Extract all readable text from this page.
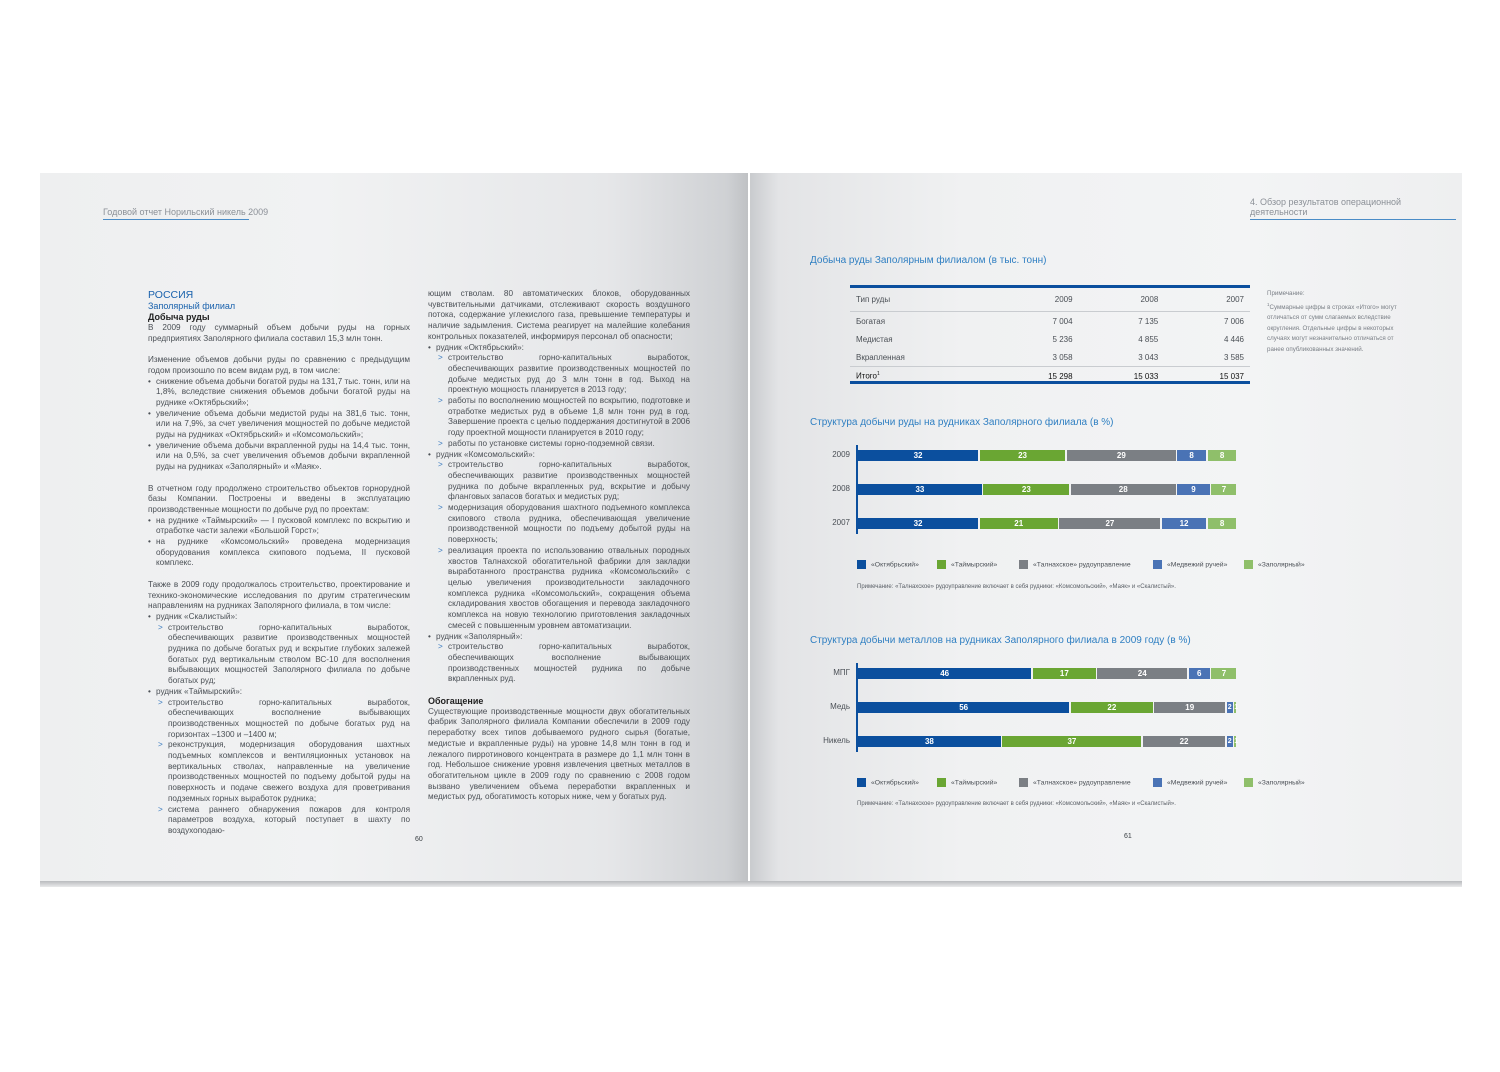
Годовой отчет Норильский никель 2009
РОССИЯ
Заполярный филиал
Добыча руды

В 2009 году суммарный объем добычи руды на горных предприятиях Заполярного филиала составил 15,3 млн тонн.

Изменение объемов добычи руды по сравнению с предыдущим годом произошло по всем видам руд, в том числе:
• снижение объема добычи богатой руды на 131,7 тыс. тонн, или на 1,8%, вследствие снижения объемов добычи богатой руды на руднике «Октябрьский»;
• увеличение объема добычи медистой руды на 381,6 тыс. тонн, или на 7,9%, за счет увеличения мощностей по добыче медистой руды на рудниках «Октябрьский» и «Комсомольский»;
• увеличение объема добычи вкрапленной руды на 14,4 тыс. тонн, или на 0,5%, за счет увеличения объемов добычи вкрапленной руды на рудниках «Заполярный» и «Маяк».
В отчетном году продолжено строительство объектов горнорудной базы Компании. Построены и введены в эксплуатацию производственные мощности по добыче руд по проектам:
• на руднике «Таймырский» — I пусковой комплекс по вскрытию и отработке части залежи «Большой Горст»;
• на руднике «Комсомольский» проведена модернизация оборудования комплекса скипового подъема, II пусковой комплекс.
Также в 2009 году продолжалось строительство, проектирование и технико-экономические исследования по другим стратегическим направлениям на рудниках Заполярного филиала, в том числе:
• рудник «Скалистый»:
> строительство горно-капитальных выработок, обеспечивающих развитие производственных мощностей рудника по добыче богатых руд и вскрытие глубоких залежей богатых руд вертикальным стволом ВС-10 для восполнения выбывающих мощностей Заполярного филиала по добыче богатых руд;
• рудник «Таймырский»:
> строительство горно-капитальных выработок, обеспечивающих восполнение выбывающих производственных мощностей по добыче богатых руд на горизонтах –1300 и –1400 м;
> реконструкция, модернизация оборудования шахтных подъемных комплексов и вентиляционных установок на вертикальных стволах, направленные на увеличение производственных мощностей по подъему добытой руды на поверхность и подаче свежего воздуха для проветривания подземных горных выработок рудника;
> система раннего обнаружения пожаров для контроля параметров воздуха, который поступает в шахту по воздухоподаю-
ющим стволам. 80 автоматических блоков, оборудованных чувствительными датчиками, отслеживают скорость воздушного потока, содержание углекислого газа, превышение температуры и наличие задымления. Система реагирует на малейшие колебания контрольных показателей, информируя персонал об опасности;
• рудник «Октябрьский»:
> строительство горно-капитальных выработок, обеспечивающих развитие производственных мощностей по добыче медистых руд до 3 млн тонн в год. Выход на проектную мощность планируется в 2013 году;
> работы по восполнению мощностей по вскрытию, подготовке и отработке медистых руд в объеме 1,8 млн тонн руд в год. Завершение проекта с целью поддержания достигнутой в 2006 году проектной мощности планируется в 2010 году;
> работы по установке системы горно-подземной связи.
• рудник «Комсомольский»:
> строительство горно-капитальных выработок, обеспечивающих развитие производственных мощностей рудника по добыче вкрапленных руд, вскрытие и добычу фланговых запасов богатых и медистых руд;
> модернизация оборудования шахтного подъемного комплекса скипового ствола рудника, обеспечивающая увеличение производственной мощности по подъему добытой руды на поверхность;
> реализация проекта по использованию отвальных породных хвостов Талнахской обогатительной фабрики для закладки выработанного пространства рудника «Комсомольский» с целью увеличения производительности закладочного комплекса рудника «Комсомольский», сокращения объема складирования хвостов обогащения и перевода закладочного комплекса на новую технологию приготовления закладочных смесей с повышенным уровнем автоматизации.
• рудник «Заполярный»:
> строительство горно-капитальных выработок, обеспечивающих восполнение выбывающих производственных мощностей рудника по добыче вкрапленных руд.
Обогащение
Существующие производственные мощности двух обогатительных фабрик Заполярного филиала Компании обеспечили в 2009 году переработку всех типов добываемого рудного сырья (богатые, медистые и вкрапленные руды) на уровне 14,8 млн тонн в год и лежалого пирротинового концентрата в размере до 1,1 млн тонн в год. Небольшое снижение уровня извлечения цветных металлов в обогатительном цикле в 2009 году по сравнению с 2008 годом вызвано увеличением объема переработки вкрапленных и медистых руд, обогатимость которых ниже, чем у богатых руд.
60
4. Обзор результатов операционной
деятельности
Добыча руды Заполярным филиалом (в тыс. тонн)
Тип руды	2009	2008	2007
Богатая	7 004	7 135	7 006
Медистая	5 236	4 855	4 446
Вкрапленная	3 058	3 043	3 585
Итого$^1$	15 298	15 033	15 037
Примечание:
$^1$Суммарные цифры в строках «Итого» могут отличаться от сумм слагаемых вследствие округления. Отдельные цифры в некоторых случаях могут незначительно отличаться от ранее опубликованных значений.
Структура добычи руды на рудниках Заполярного филиала (в %)
2009	32	23	29	8	8
2008	33	23	28	9	7
2007	32	21	27	12	8
«Октябрьский»	«Таймырский»	«Талнахское» рудоуправление	«Медвежий ручей»	«Заполярный»
Примечание: «Талнахское» рудоуправление включает в себя рудники: «Комсомольский», «Маяк» и «Скалистый».
Структура добычи металлов на рудниках Заполярного филиала в 2009 году (в %)
МПГ	46	17	24	6	7
Медь	56	22	19	2 1
Никель	38	37	22	2 1
«Октябрьский»	«Таймырский»	«Талнахское» рудоуправление	«Медвежий ручей»	«Заполярный»
Примечание: «Талнахское» рудоуправление включает в себя рудники: «Комсомольский», «Маяк» и «Скалистый».
61
